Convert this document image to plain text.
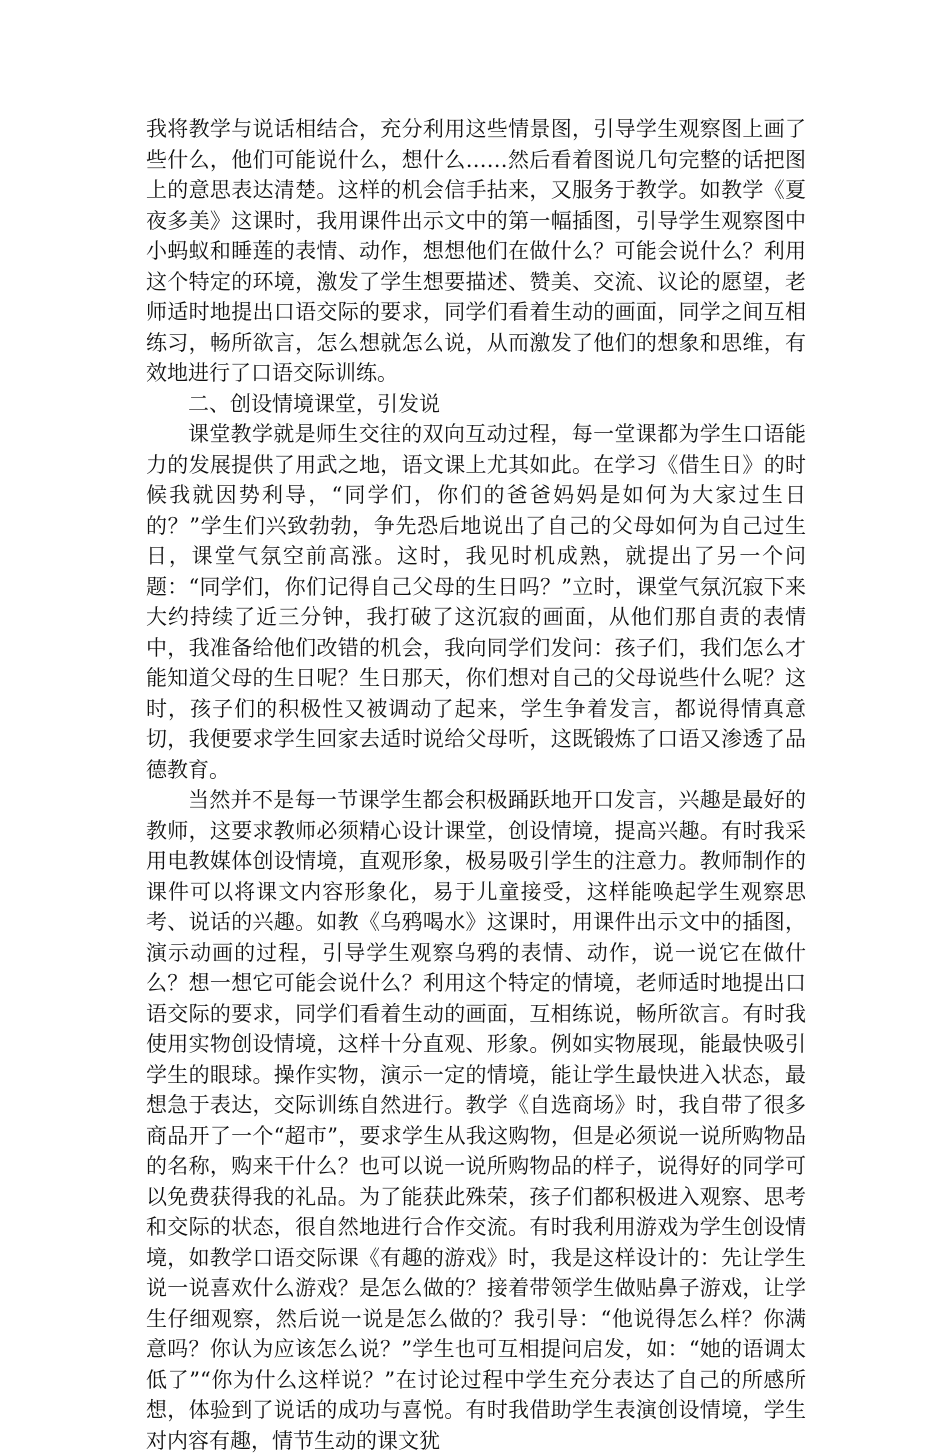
我将教学与说话相结合，充分利用这些情景图，引导学生观察图上画了些什么，他们可能说什么，想什么……然后看着图说几句完整的话把图上的意思表达清楚。这样的机会信手拈来，又服务于教学。如教学《夏夜多美》这课时，我用课件出示文中的第一幅插图，引导学生观察图中小蚂蚁和睡莲的表情、动作，想想他们在做什么？可能会说什么？利用这个特定的环境，激发了学生想要描述、赞美、交流、议论的愿望，老师适时地提出口语交际的要求，同学们看着生动的画面，同学之间互相练习，畅所欲言，怎么想就怎么说，从而激发了他们的想象和思维，有效地进行了口语交际训练。

二、创设情境课堂，引发说

课堂教学就是师生交往的双向互动过程，每一堂课都为学生口语能力的发展提供了用武之地，语文课上尤其如此。在学习《借生日》的时候我就因势利导，“同学们，你们的爸爸妈妈是如何为大家过生日的？”学生们兴致勃勃，争先恐后地说出了自己的父母如何为自己过生日，课堂气氛空前高涨。这时，我见时机成熟，就提出了另一个问题：“同学们，你们记得自己父母的生日吗？”立时，课堂气氛沉寂下来大约持续了近三分钟，我打破了这沉寂的画面，从他们那自责的表情中，我准备给他们改错的机会，我向同学们发问：孩子们，我们怎么才能知道父母的生日呢？生日那天，你们想对自己的父母说些什么呢？这时，孩子们的积极性又被调动了起来，学生争着发言，都说得情真意切，我便要求学生回家去适时说给父母听，这既锻炼了口语又渗透了品德教育。

当然并不是每一节课学生都会积极踊跃地开口发言，兴趣是最好的教师，这要求教师必须精心设计课堂，创设情境，提高兴趣。有时我采用电教媒体创设情境，直观形象，极易吸引学生的注意力。教师制作的课件可以将课文内容形象化，易于儿童接受，这样能唤起学生观察思考、说话的兴趣。如教《乌鸦喝水》这课时，用课件出示文中的插图，演示动画的过程，引导学生观察乌鸦的表情、动作，说一说它在做什么？想一想它可能会说什么？利用这个特定的情境，老师适时地提出口语交际的要求，同学们看着生动的画面，互相练说，畅所欲言。有时我使用实物创设情境，这样十分直观、形象。例如实物展现，能最快吸引学生的眼球。操作实物，演示一定的情境，能让学生最快进入状态，最想急于表达，交际训练自然进行。教学《自选商场》时，我自带了很多商品开了一个“超市”，要求学生从我这购物，但是必须说一说所购物品的名称，购来干什么？也可以说一说所购物品的样子，说得好的同学可以免费获得我的礼品。为了能获此殊荣，孩子们都积极进入观察、思考和交际的状态，很自然地进行合作交流。有时我利用游戏为学生创设情境，如教学口语交际课《有趣的游戏》时，我是这样设计的：先让学生说一说喜欢什么游戏？是怎么做的？接着带领学生做贴鼻子游戏，让学生仔细观察，然后说一说是怎么做的？我引导：“他说得怎么样？你满意吗？你认为应该怎么说？”学生也可互相提问启发，如：“她的语调太低了”“你为什么这样说？”在讨论过程中学生充分表达了自己的所感所想，体验到了说话的成功与喜悦。有时我借助学生表演创设情境，学生对内容有趣，情节生动的课文犹
